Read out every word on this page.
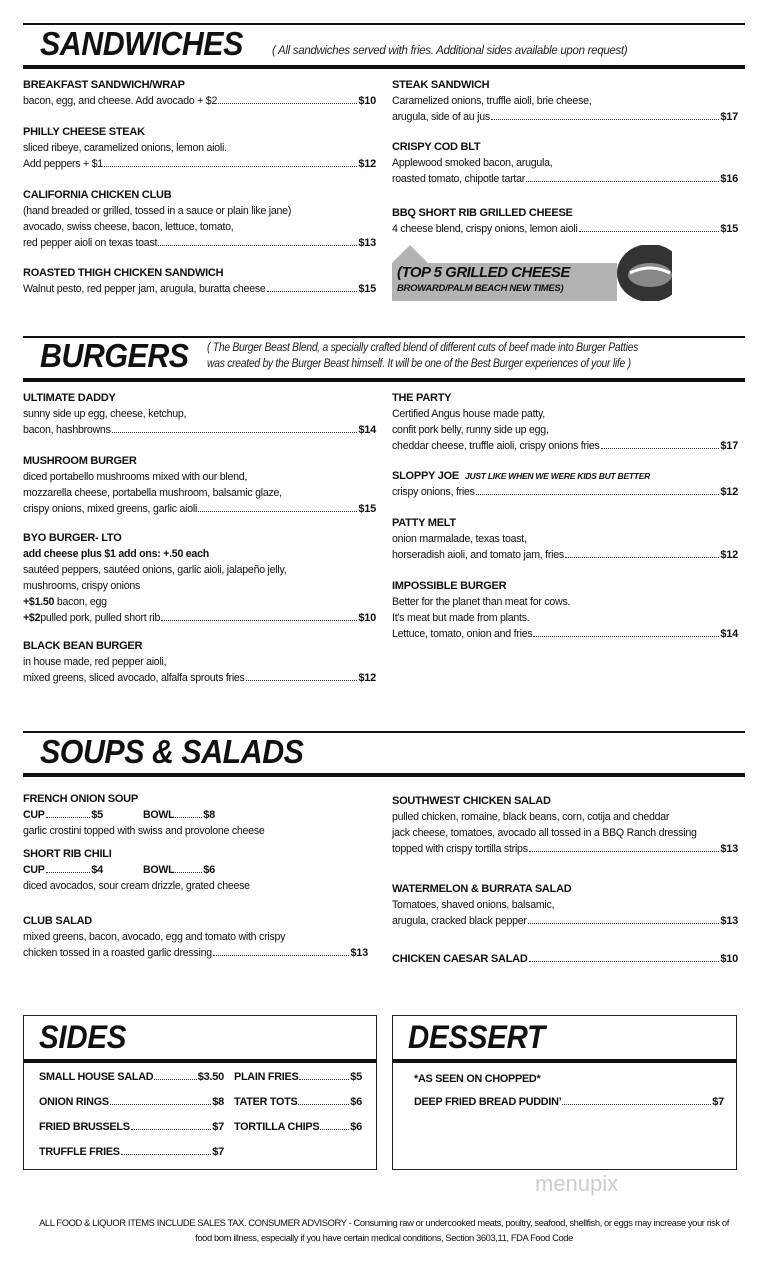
SANDWICHES	( All sandwiches served with fries. Additional sides available upon request)
BREAKFAST SANDWICH/WRAP
bacon, egg, and cheese. Add avocado + $2	$10
PHILLY CHEESE STEAK
sliced ribeye, caramelized onions, lemon aioli.
Add peppers + $1	$12
CALIFORNIA CHICKEN CLUB
(hand breaded or grilled, tossed in a sauce or plain like jane)
avocado, swiss cheese, bacon, lettuce, tomato,
red pepper aioli on texas toast	$13
ROASTED THIGH CHICKEN SANDWICH
Walnut pesto, red pepper jam, arugula, buratta cheese	$15
STEAK SANDWICH
Caramelized onions, truffle aioli, brie cheese,
arugula, side of au jus	$17
CRISPY COD BLT
Applewood smoked bacon, arugula,
roasted tomato, chipotle tartar	$16
BBQ SHORT RIB GRILLED CHEESE
4 cheese blend, crispy onions, lemon aioli	$15
(TOP 5 GRILLED CHEESE
BROWARD/PALM BEACH NEW TIMES)
BURGERS ( The Burger Beast Blend, a specially crafted blend of different cuts of beef made into Burger Patties
was created by the Burger Beast himself. It will be one of the Best Burger experiences of your life )
ULTIMATE DADDY
sunny side up egg, cheese, ketchup,
bacon, hashbrowns	$14
MUSHROOM BURGER
diced portabello mushrooms mixed with our blend,
mozzarella cheese, portabella mushroom, balsamic glaze,
crispy onions, mixed greens, garlic aioli	$15
BYO BURGER- LTO
add cheese plus $1 add ons: +.50 each
sautéed peppers, sautéed onions, garlic aioli, jalapeño jelly,
mushrooms, crispy onions
+$1.50 bacon, egg
+$2 pulled pork, pulled short rib	$10
BLACK BEAN BURGER
in house made, red pepper aioli,
mixed greens, sliced avocado, alfalfa sprouts fries	$12
THE PARTY
Certified Angus house made patty,
confit pork belly, runny side up egg,
cheddar cheese, truffle aioli, crispy onions fries	$17
SLOPPY JOE JUST LIKE WHEN WE WERE KIDS BUT BETTER
crispy onions, fries	$12
PATTY MELT
onion marmalade, texas toast,
horseradish aioli, and tomato jam, fries	$12
IMPOSSIBLE BURGER
Better for the planet than meat for cows.
It’s meat but made from plants.
Lettuce, tomato, onion and fries	$14
SOUPS & SALADS
FRENCH ONION SOUP
CUP	$5	BOWL	$8
garlic crostini topped with swiss and provolone cheese
SHORT RIB CHILI
CUP	$4	BOWL	$6
diced avocados, sour cream drizzle, grated cheese
CLUB SALAD
mixed greens, bacon, avocado, egg and tomato with crispy
chicken tossed in a roasted garlic dressing	$13
SOUTHWEST CHICKEN SALAD
pulled chicken, romaine, black beans, corn, cotija and cheddar
jack cheese, tomatoes, avocado all tossed in a BBQ Ranch dressing
topped with crispy tortilla strips	$13
WATERMELON & BURRATA SALAD
Tomatoes, shaved onions, balsamic,
arugula, cracked black pepper	$13
CHICKEN CAESAR SALAD	$10
SIDES
SMALL HOUSE SALAD	$3.50
ONION RINGS	$8
FRIED BRUSSELS	$7
TRUFFLE FRIES	$7
PLAIN FRIES	$5
TATER TOTS	$6
TORTILLA CHIPS	$6
DESSERT
*AS SEEN ON CHOPPED*
DEEP FRIED BREAD PUDDIN’	$7
menupix
ALL FOOD & LIQUOR ITEMS INCLUDE SALES TAX. CONSUMER ADVISORY - Consuming raw or undercooked meats, poultry, seafood, shellfish, or eggs may increase your risk of
food born illness, especially if you have certain medical conditions, Section 3603,11, FDA Food Code
